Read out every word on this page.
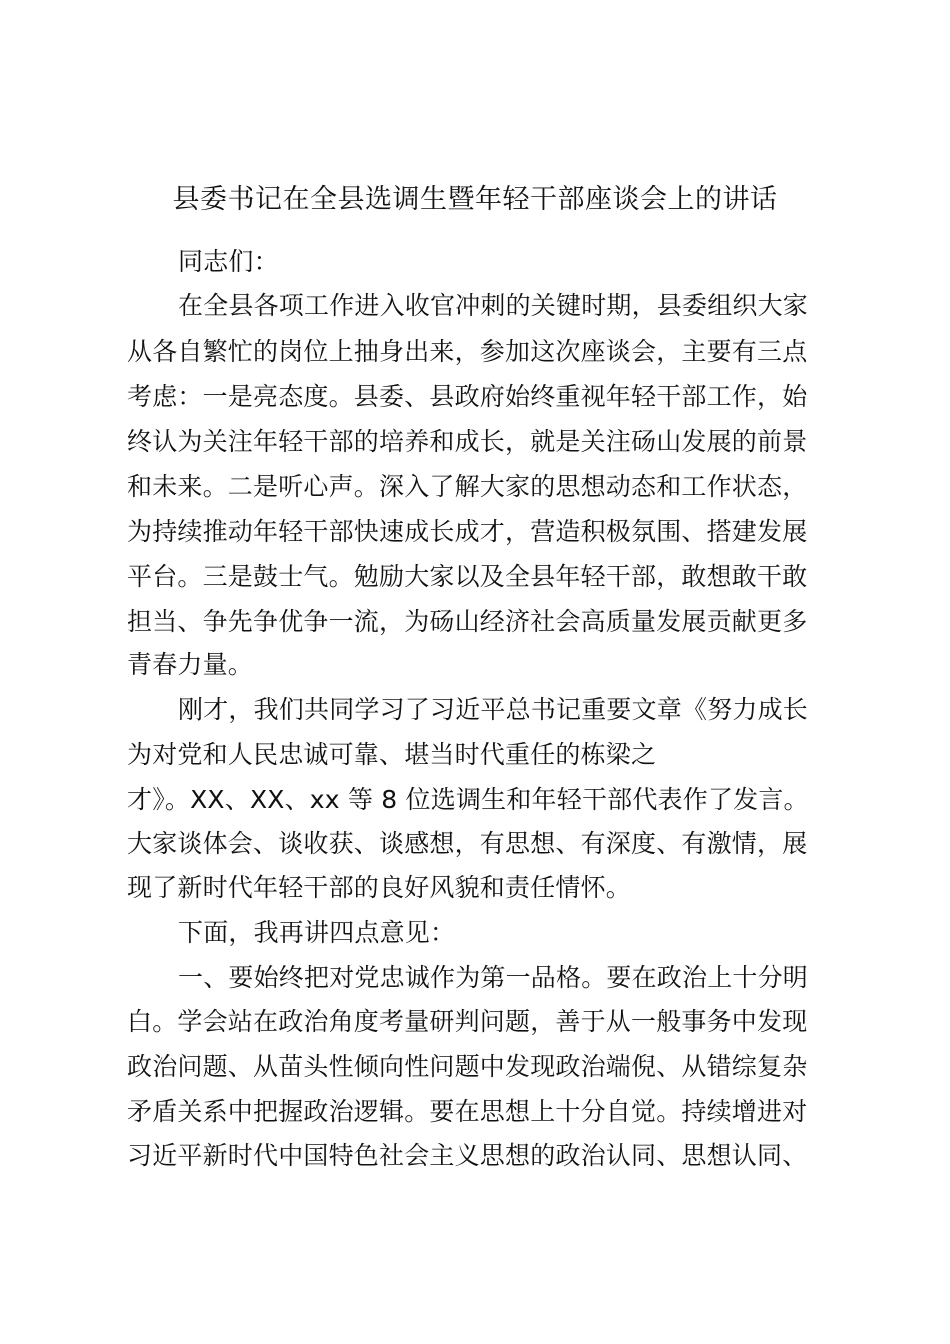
县委书记在全县选调生暨年轻干部座谈会上的讲话
同志们：
在全县各项工作进入收官冲刺的关键时期，县委组织大家
从各自繁忙的岗位上抽身出来，参加这次座谈会，主要有三点
考虑：一是亮态度。县委、县政府始终重视年轻干部工作，始
终认为关注年轻干部的培养和成长，就是关注砀山发展的前景
和未来。二是听心声。深入了解大家的思想动态和工作状态，
为持续推动年轻干部快速成长成才，营造积极氛围、搭建发展
平台。三是鼓士气。勉励大家以及全县年轻干部，敢想敢干敢
担当、争先争优争一流，为砀山经济社会高质量发展贡献更多
青春力量。
刚才，我们共同学习了习近平总书记重要文章《努力成长
为对党和人民忠诚可靠、堪当时代重任的栋梁之
才》。XX、XX、xx 等 8 位选调生和年轻干部代表作了发言。
大家谈体会、谈收获、谈感想，有思想、有深度、有激情，展
现了新时代年轻干部的良好风貌和责任情怀。
下面，我再讲四点意见：
一、要始终把对党忠诚作为第一品格。要在政治上十分明
白。学会站在政治角度考量研判问题，善于从一般事务中发现
政治问题、从苗头性倾向性问题中发现政治端倪、从错综复杂
矛盾关系中把握政治逻辑。要在思想上十分自觉。持续增进对
习近平新时代中国特色社会主义思想的政治认同、思想认同、
